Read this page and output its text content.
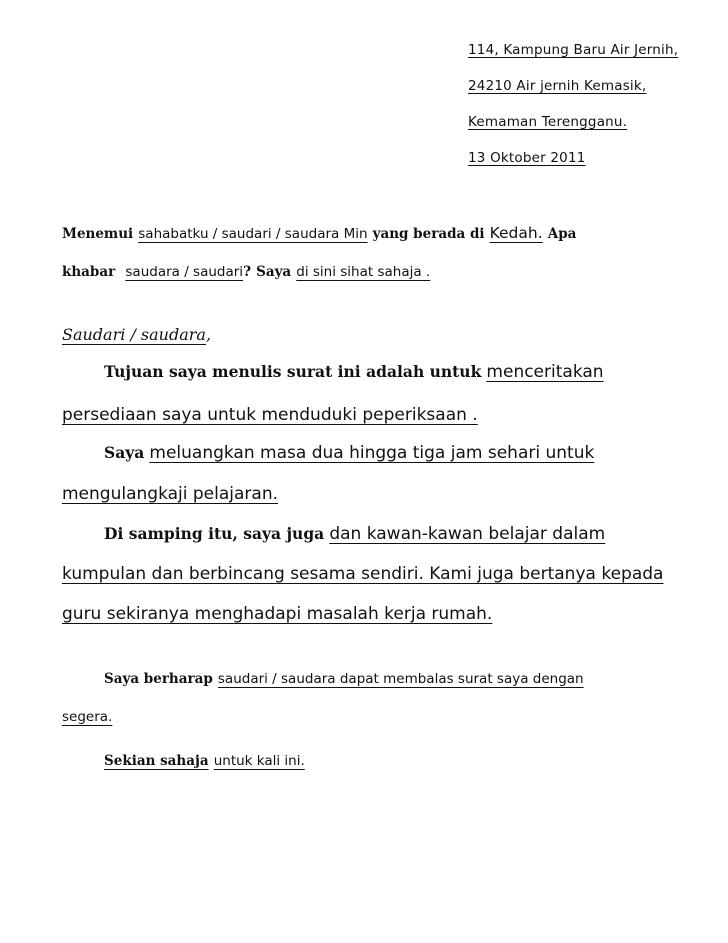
114, Kampung Baru Air Jernih,
24210 Air jernih Kemasik,
Kemaman Terengganu.
13 Oktober 2011
Menemui sahabatku / saudari / saudara Min yang berada di Kedah. Apa
khabar saudara / saudari? Saya di sini sihat sahaja .
Saudari / saudara,
Tujuan saya menulis surat ini adalah untuk menceritakan
persediaan saya untuk menduduki peperiksaan .
Saya meluangkan masa dua hingga tiga jam sehari untuk
mengulangkaji pelajaran.
Di samping itu, saya juga dan kawan-kawan belajar dalam
kumpulan dan berbincang sesama sendiri. Kami juga bertanya kepada
guru sekiranya menghadapi masalah kerja rumah.
Saya berharap saudari / saudara dapat membalas surat saya dengan
segera.
Sekian sahaja untuk kali ini.
